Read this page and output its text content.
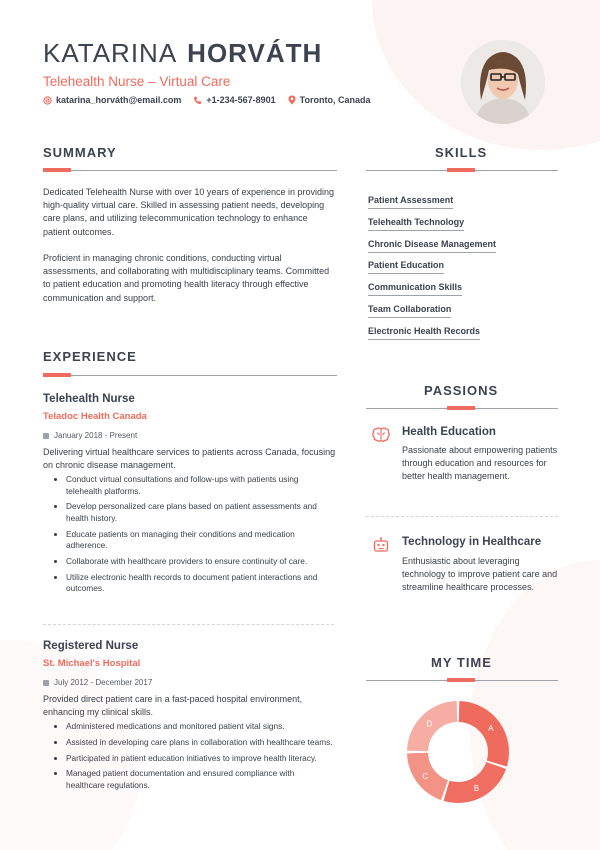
KATARINA HORVÁTH
Telehealth Nurse – Virtual Care
katarina_horváth@email.com	+1-234-567-8901	Toronto, Canada
SUMMARY
Dedicated Telehealth Nurse with over 10 years of experience in providing high-quality virtual care. Skilled in assessing patient needs, developing care plans, and utilizing telecommunication technology to enhance patient outcomes.
Proficient in managing chronic conditions, conducting virtual assessments, and collaborating with multidisciplinary teams. Committed to patient education and promoting health literacy through effective communication and support.
SKILLS
Patient Assessment
Telehealth Technology
Chronic Disease Management
Patient Education
Communication Skills
Team Collaboration
Electronic Health Records
EXPERIENCE
Telehealth Nurse
Teladoc Health Canada
January 2018 - Present
Delivering virtual healthcare services to patients across Canada, focusing on chronic disease management.
Conduct virtual consultations and follow-ups with patients using telehealth platforms.
Develop personalized care plans based on patient assessments and health history.
Educate patients on managing their conditions and medication adherence.
Collaborate with healthcare providers to ensure continuity of care.
Utilize electronic health records to document patient interactions and outcomes.
Registered Nurse
St. Michael's Hospital
July 2012 - December 2017
Provided direct patient care in a fast-paced hospital environment, enhancing my clinical skills.
Administered medications and monitored patient vital signs.
Assisted in developing care plans in collaboration with healthcare teams.
Participated in patient education initiatives to improve health literacy.
Managed patient documentation and ensured compliance with healthcare regulations.
PASSIONS
Health Education
Passionate about empowering patients through education and resources for better health management.
Technology in Healthcare
Enthusiastic about leveraging technology to improve patient care and streamline healthcare processes.
MY TIME
A
B
C
D
